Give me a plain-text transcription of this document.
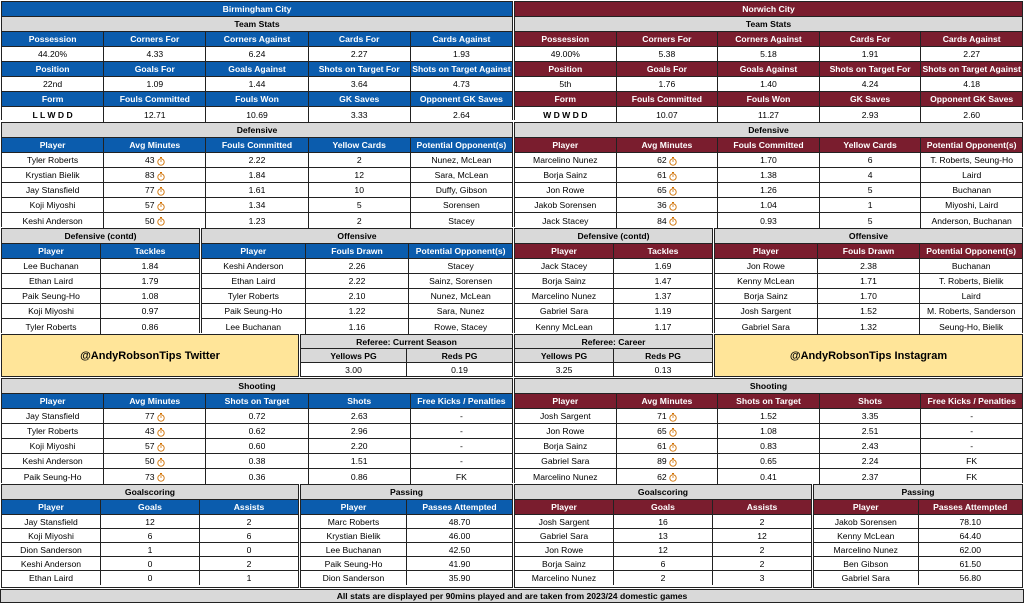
Birmingham City
Team Stats
Possession	Corners For	Corners Against	Cards For	Cards Against
44.20%	4.33	6.24	2.27	1.93
Position	Goals For	Goals Against	Shots on Target For	Shots on Target Against
22nd	1.09	1.44	3.64	4.73
Form	Fouls Committed	Fouls Won	GK Saves	Opponent GK Saves
L L W D D	12.71	10.69	3.33	2.64
Norwich City
Team Stats
Possession	Corners For	Corners Against	Cards For	Cards Against
49.00%	5.38	5.18	1.91	2.27
Position	Goals For	Goals Against	Shots on Target For	Shots on Target Against
5th	1.76	1.40	4.24	4.18
Form	Fouls Committed	Fouls Won	GK Saves	Opponent GK Saves
W D W D D	10.07	11.27	2.93	2.60
Defensive
Player	Avg Minutes	Fouls Committed	Yellow Cards	Potential Opponent(s)
Tyler Roberts	43	2.22	2	Nunez, McLean
Krystian Bielik	83	1.84	12	Sara, McLean
Jay Stansfield	77	1.61	10	Duffy, Gibson
Koji Miyoshi	57	1.34	5	Sorensen
Keshi Anderson	50	1.23	2	Stacey
Defensive
Player	Avg Minutes	Fouls Committed	Yellow Cards	Potential Opponent(s)
Marcelino Nunez	62	1.70	6	T. Roberts, Seung-Ho
Borja Sainz	61	1.38	4	Laird
Jon Rowe	65	1.26	5	Buchanan
Jakob Sorensen	36	1.04	1	Miyoshi, Laird
Jack Stacey	84	0.93	5	Anderson, Buchanan
Defensive (contd)
Player	Tackles
Lee Buchanan	1.84
Ethan Laird	1.79
Paik Seung-Ho	1.08
Koji Miyoshi	0.97
Tyler Roberts	0.86
Offensive
Player	Fouls Drawn	Potential Opponent(s)
Keshi Anderson	2.26	Stacey
Ethan Laird	2.22	Sainz, Sorensen
Tyler Roberts	2.10	Nunez, McLean
Paik Seung-Ho	1.22	Sara, Nunez
Lee Buchanan	1.16	Rowe, Stacey
Defensive (contd)
Player	Tackles
Jack Stacey	1.69
Borja Sainz	1.47
Marcelino Nunez	1.37
Gabriel Sara	1.19
Kenny McLean	1.17
Offensive
Player	Fouls Drawn	Potential Opponent(s)
Jon Rowe	2.38	Buchanan
Kenny McLean	1.71	T. Roberts, Bielik
Borja Sainz	1.70	Laird
Josh Sargent	1.52	M. Roberts, Sanderson
Gabriel Sara	1.32	Seung-Ho, Bielik
@AndyRobsonTips Twitter
Referee: Current Season
Yellows PG	Reds PG
3.00	0.19
Referee: Career
Yellows PG	Reds PG
3.25	0.13
@AndyRobsonTips Instagram
Shooting
Player	Avg Minutes	Shots on Target	Shots	Free Kicks / Penalties
Jay Stansfield	77	0.72	2.63	-
Tyler Roberts	43	0.62	2.96	-
Koji Miyoshi	57	0.60	2.20	-
Keshi Anderson	50	0.38	1.51	-
Paik Seung-Ho	73	0.36	0.86	FK
Shooting
Player	Avg Minutes	Shots on Target	Shots	Free Kicks / Penalties
Josh Sargent	71	1.52	3.35	-
Jon Rowe	65	1.08	2.51	-
Borja Sainz	61	0.83	2.43	-
Gabriel Sara	89	0.65	2.24	FK
Marcelino Nunez	62	0.41	2.37	FK
Goalscoring
Player	Goals	Assists
Jay Stansfield	12	2
Koji Miyoshi	6	6
Dion Sanderson	1	0
Keshi Anderson	0	2
Ethan Laird	0	1
Passing
Player	Passes Attempted
Marc Roberts	48.70
Krystian Bielik	46.00
Lee Buchanan	42.50
Paik Seung-Ho	41.90
Dion Sanderson	35.90
Goalscoring
Player	Goals	Assists
Josh Sargent	16	2
Gabriel Sara	13	12
Jon Rowe	12	2
Borja Sainz	6	2
Marcelino Nunez	2	3
Passing
Player	Passes Attempted
Jakob Sorensen	78.10
Kenny McLean	64.40
Marcelino Nunez	62.00
Ben Gibson	61.50
Gabriel Sara	56.80
All stats are displayed per 90mins played and are taken from 2023/24 domestic games
